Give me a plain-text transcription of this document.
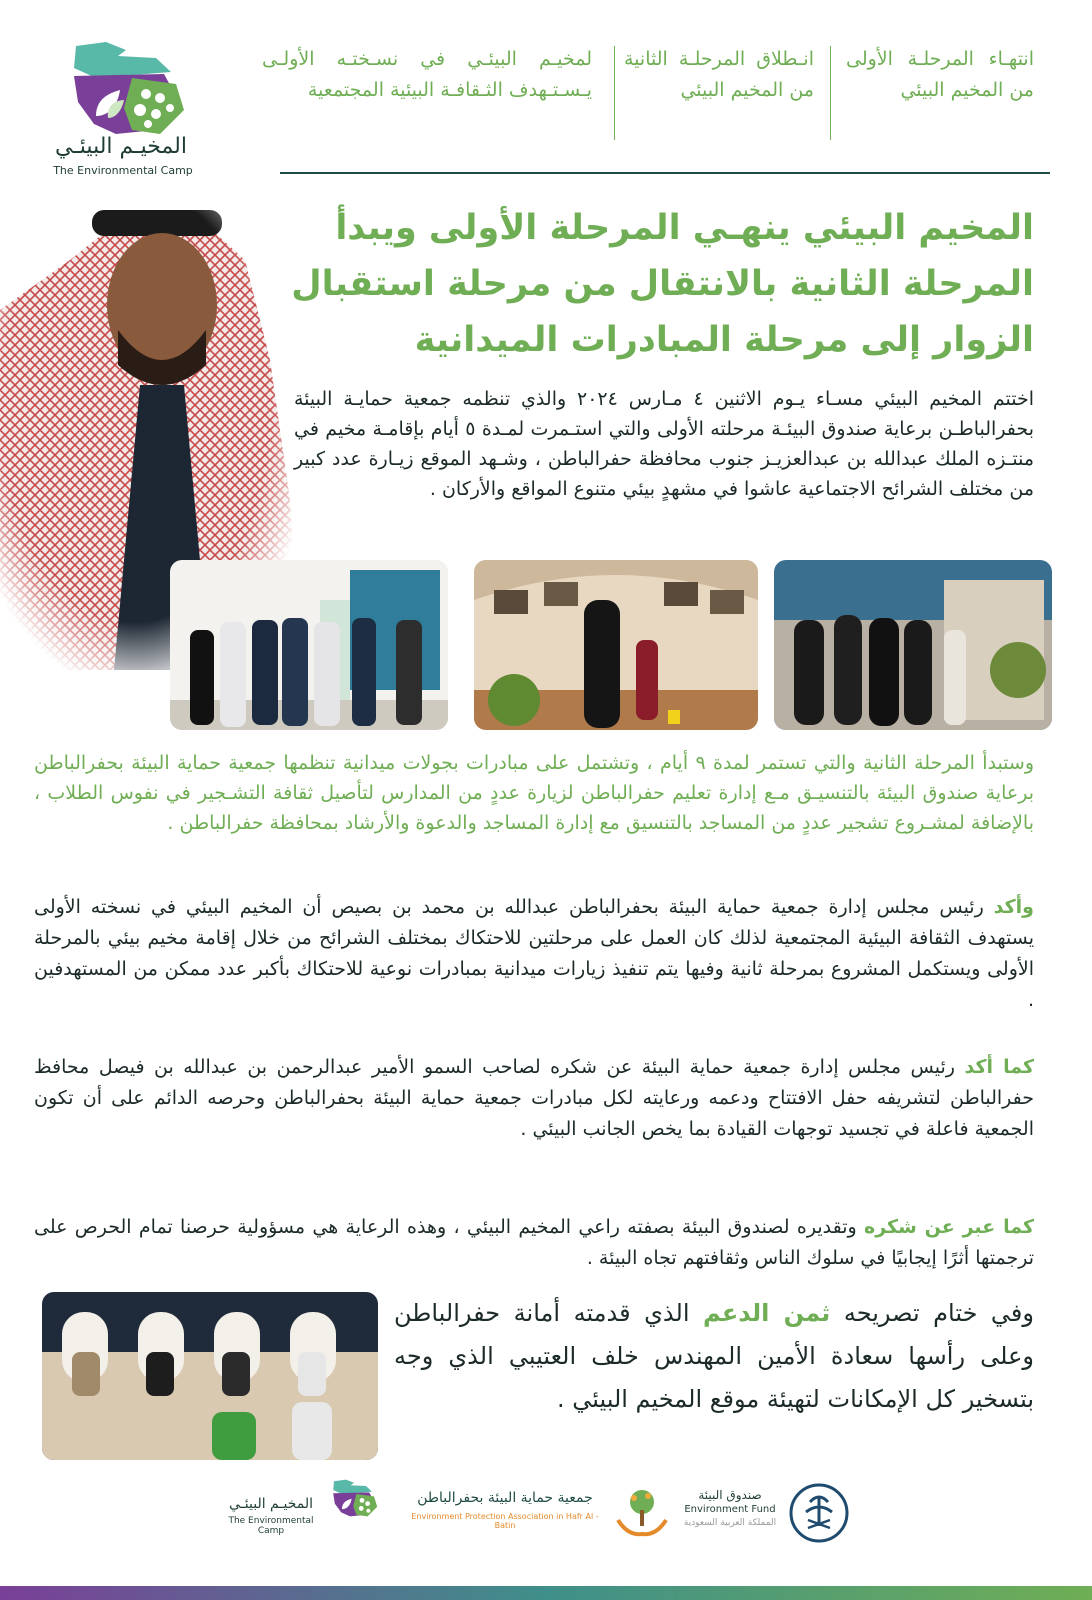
المخيـم البيئـي
The Environmental Camp
انتهـاء المرحلـة الأولى من المخيم البيئي
انـطلاق المرحلـة الثانية من المخيم البيئي
لمخيـم البيئـي في نسـختـه الأولـى يـسـتـهدف الثـقافـة البيئية المجتمعية
المخيم البيئي ينهـي المرحلة الأولى ويبدأ المرحلة الثانية بالانتقال من مرحلة استقبال الزوار إلى مرحلة المبادرات الميدانية
اختتم المخيم البيئي مسـاء يـوم الاثنين ٤ مـارس ٢٠٢٤ والذي تنظمه جمعية حمايـة البيئة بحفرالباطـن برعاية صندوق البيئـة مرحلته الأولى والتي استـمرت لمـدة ٥ أيام بإقامـة مخيم في منتـزه الملك عبدالله بن عبدالعزيـز جنوب محافظة حفرالباطن ، وشـهد الموقع زيـارة عدد كبير من مختلف الشرائح الاجتماعية عاشوا في مشهدٍ بيئي متنوع المواقع والأركان .
وستبدأ المرحلة الثانية والتي تستمر لمدة ٩ أيام ، وتشتمل على مبادرات بجولات ميدانية تنظمها جمعية حماية البيئة بحفرالباطن برعاية صندوق البيئة بالتنسيـق مـع إدارة تعليم حفرالباطن لزيارة عددٍ من المدارس لتأصيل ثقافة التشـجير في نفوس الطلاب ، بالإضافة لمشـروع تشجير عددٍ من المساجد بالتنسيق مع إدارة المساجد والدعوة والأرشاد بمحافظة حفرالباطن .
وأكد رئيس مجلس إدارة جمعية حماية البيئة بحفرالباطن عبدالله بن محمد بن بصيص أن المخيم البيئي في نسخته الأولى يستهدف الثقافة البيئية المجتمعية لذلك كان العمل على مرحلتين للاحتكاك بمختلف الشرائح من خلال إقامة مخيم بيئي بالمرحلة الأولى ويستكمل المشروع بمرحلة ثانية وفيها يتم تنفيذ زيارات ميدانية بمبادرات نوعية للاحتكاك بأكبر عدد ممكن من المستهدفين .
كما أكد رئيس مجلس إدارة جمعية حماية البيئة عن شكره لصاحب السمو الأمير عبدالرحمن بن عبدالله بن فيصل محافظ حفرالباطن لتشريفه حفل الافتتاح ودعمه ورعايته لكل مبادرات جمعية حماية البيئة بحفرالباطن وحرصه الدائم على أن تكون الجمعية فاعلة في تجسيد توجهات القيادة بما يخص الجانب البيئي .
كما عبر عن شكره وتقديره لصندوق البيئة بصفته راعي المخيم البيئي ، وهذه الرعاية هي مسؤولية حرصنا تمام الحرص على ترجمتها أثرًا إيجابيًا في سلوك الناس وثقافتهم تجاه البيئة .
وفي ختام تصريحه ثمن الدعم الذي قدمته أمانة حفرالباطن وعلى رأسها سعادة الأمين المهندس خلف العتيبي الذي وجه بتسخير كل الإمكانات لتهيئة موقع المخيم البيئي .
صندوق البيئة
Environment Fund
المملكة العربية السعودية
جمعية حماية البيئة بحفرالباطن
Environment Protection Association in Hafr Al - Batin
المخيـم البيئـي
The Environmental Camp
